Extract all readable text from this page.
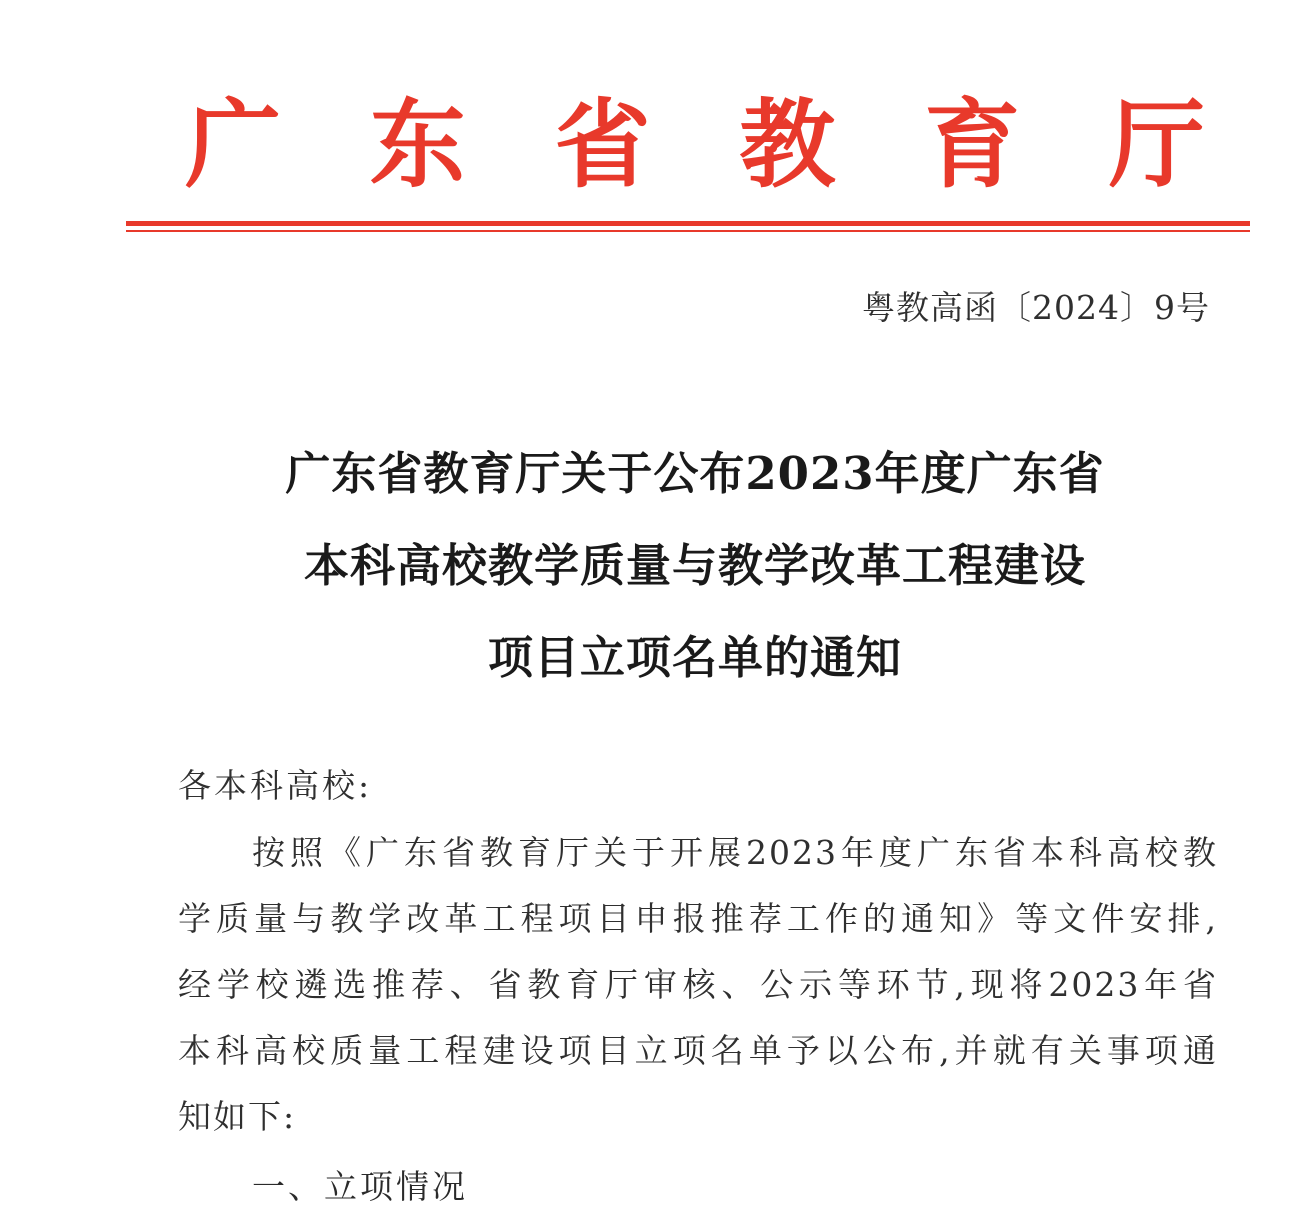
广 东 省 教 育 厅
粤教高函〔2024〕9号
广东省教育厅关于公布2023年度广东省
本科高校教学质量与教学改革工程建设
项目立项名单的通知
各本科高校:
按照《广东省教育厅关于开展2023年度广东省本科高校教
学质量与教学改革工程项目申报推荐工作的通知》等文件安排,
经学校遴选推荐、省教育厅审核、公示等环节,现将2023年省
本科高校质量工程建设项目立项名单予以公布,并就有关事项通
知如下:
一、立项情况
